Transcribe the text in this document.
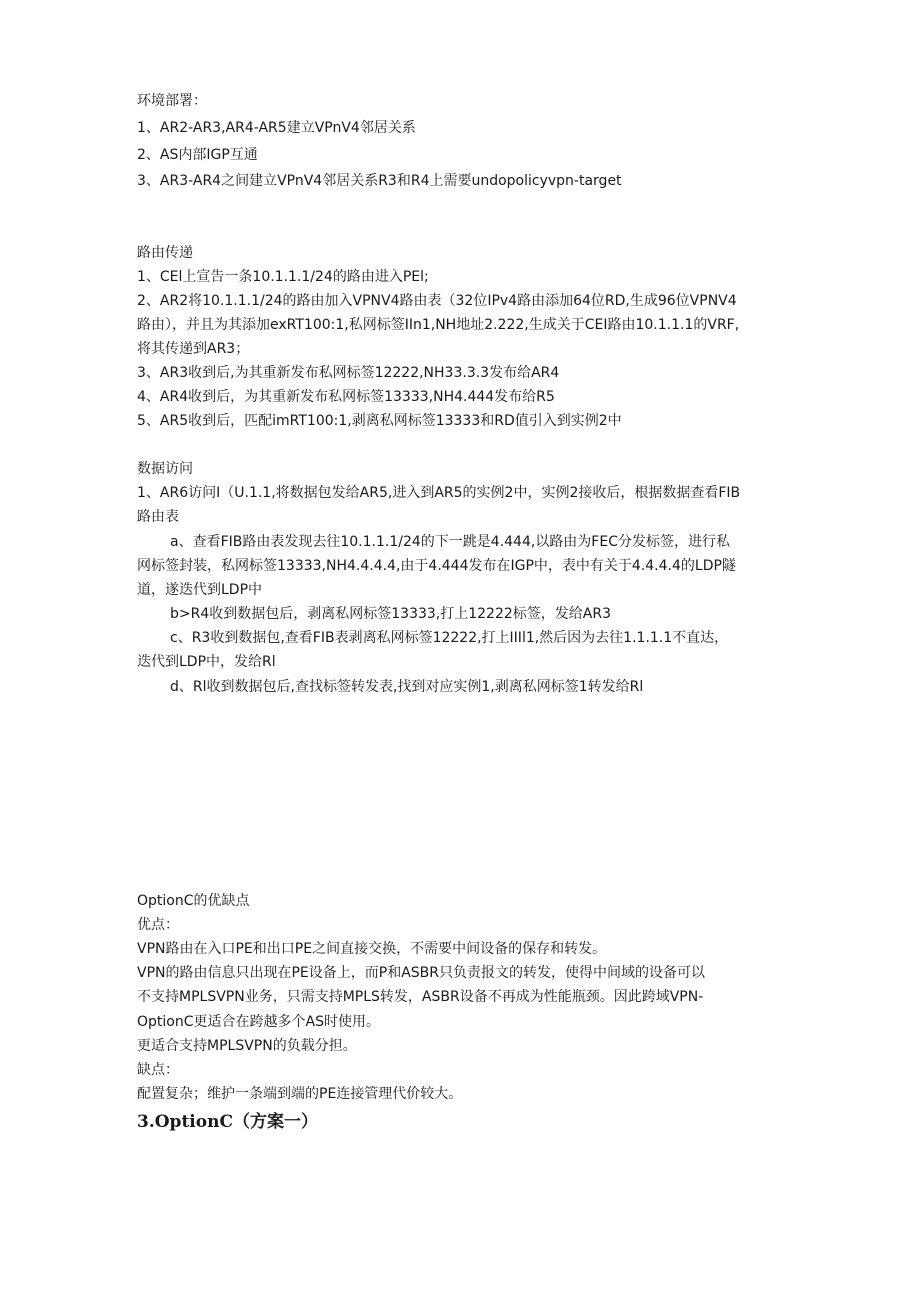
环境部署：
1、AR2-AR3,AR4-AR5建立VPnV4邻居关系
2、AS内部IGP互通
3、AR3-AR4之间建立VPnV4邻居关系R3和R4上需要undopolicyvpn-target
路由传递
1、CEl上宣告一条10.1.1.1/24的路由进入PEl;
2、AR2将10.1.1.1/24的路由加入VPNV4路由表（32位IPv4路由添加64位RD,生成96位VPNV4
路由），并且为其添加exRT100:1,私网标签IIn1,NH地址2.222,生成关于CEI路由10.1.1.1的VRF,
将其传递到AR3；
3、AR3收到后,为其重新发布私网标签12222,NH33.3.3发布给AR4
4、AR4收到后，为其重新发布私网标签13333,NH4.444发布给R5
5、AR5收到后，匹配imRT100:1,剥离私网标签13333和RD值引入到实例2中
数据访问
1、AR6访问I（U.1.1,将数据包发给AR5,进入到AR5的实例2中，实例2接收后，根据数据查看FIB
路由表
a、查看FIB路由表发现去往10.1.1.1/24的下一跳是4.444,以路由为FEC分发标签，进行私
网标签封装，私网标签13333,NH4.4.4.4,由于4.444发布在IGP中，表中有关于4.4.4.4的LDP隧
道，遂迭代到LDP中
b>R4收到数据包后，剥离私网标签13333,打上12222标签，发给AR3
c、R3收到数据包,查看FIB表剥离私网标签12222,打上IIIl1,然后因为去往1.1.1.1不直达，
迭代到LDP中，发给Rl
d、Rl收到数据包后,查找标签转发表,找到对应实例1,剥离私网标签1转发给Rl
OptionC的优缺点
优点：
VPN路由在入口PE和出口PE之间直接交换，不需要中间设备的保存和转发。
VPN的路由信息只出现在PE设备上，而P和ASBR只负责报文的转发，使得中间域的设备可以
不支持MPLSVPN业务，只需支持MPLS转发，ASBR设备不再成为性能瓶颈。因此跨域VPN-
OptionC更适合在跨越多个AS时使用。
更适合支持MPLSVPN的负载分担。
缺点：
配置复杂；维护一条端到端的PE连接管理代价较大。
3.OptionC（方案一）
